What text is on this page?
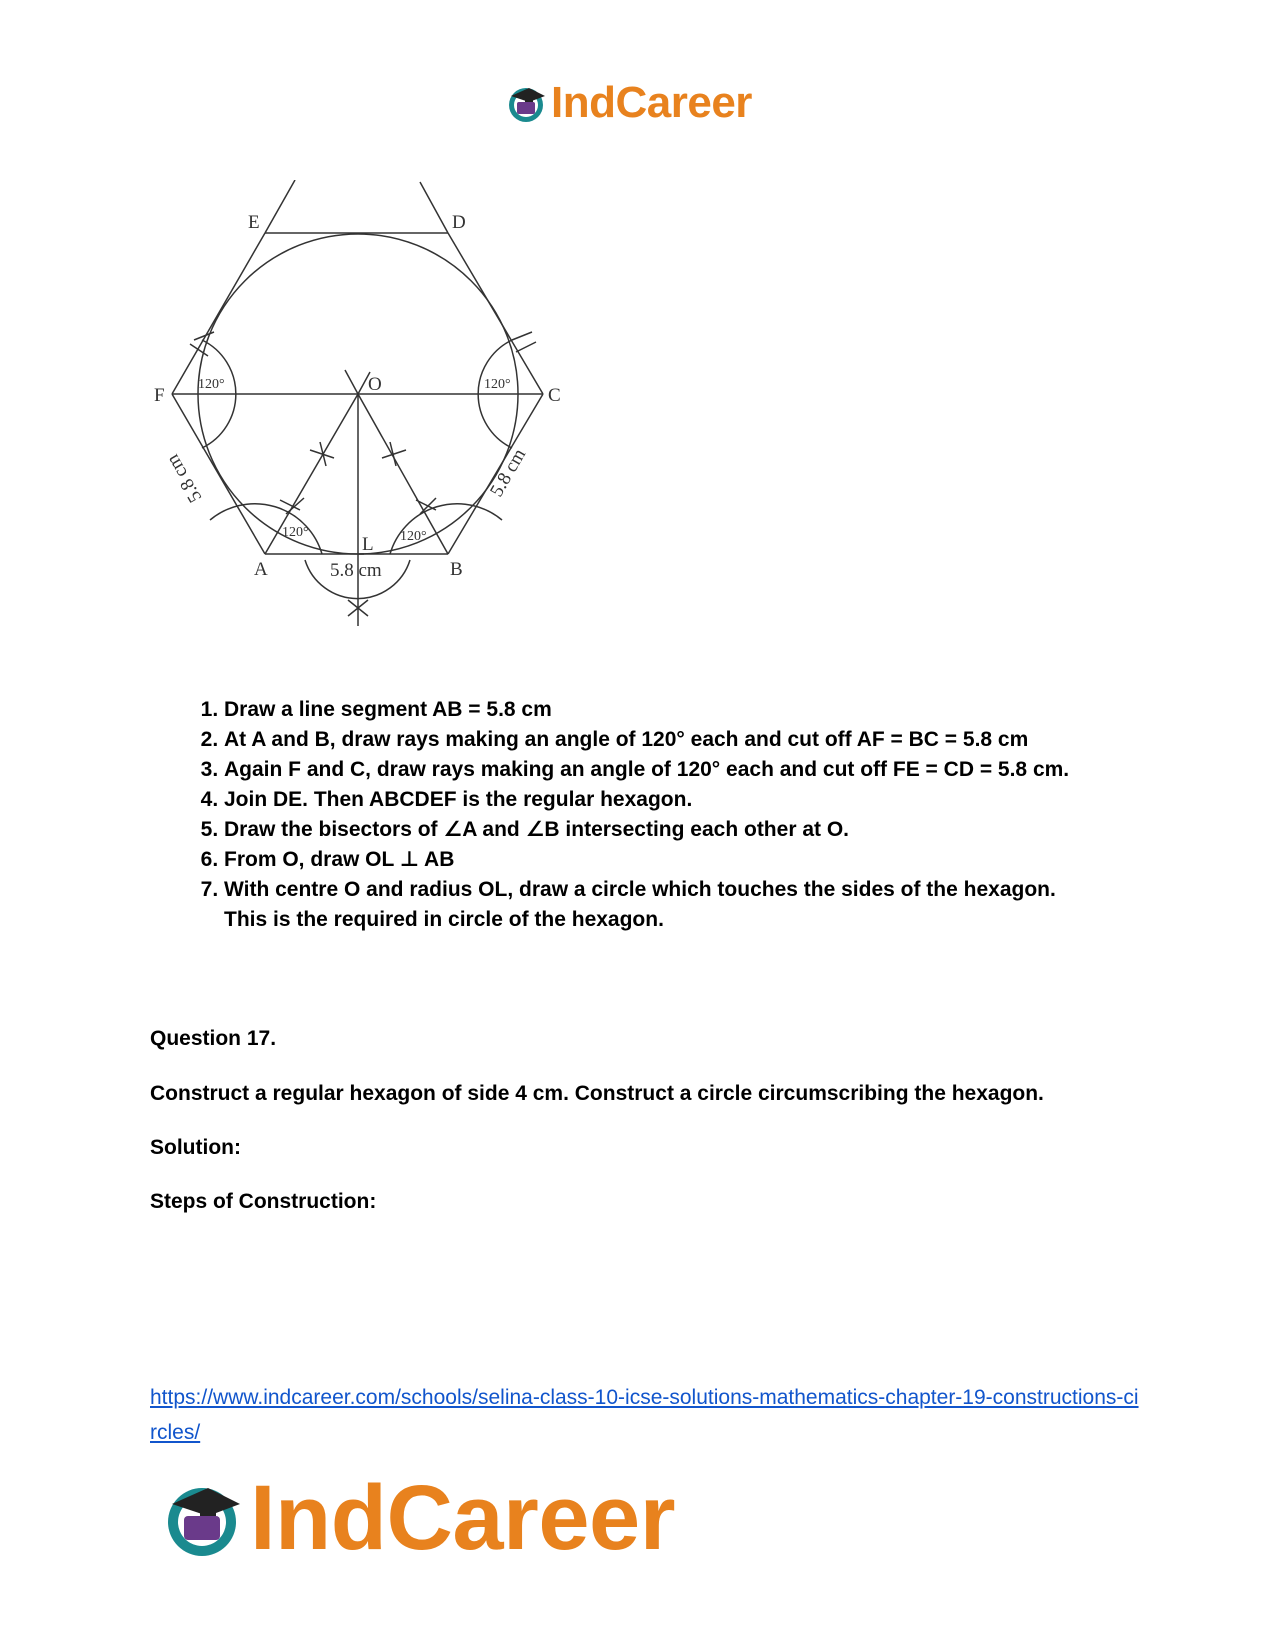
IndCareer
E	D
F	C
O
A	B
L
120°	120°
120°	120°
5.8 cm
5.8 cm	5.8 cm
1. Draw a line segment AB = 5.8 cm
2. At A and B, draw rays making an angle of 120° each and cut off AF = BC = 5.8 cm
3. Again F and C, draw rays making an angle of 120° each and cut off FE = CD = 5.8 cm.
4. Join DE. Then ABCDEF is the regular hexagon.
5. Draw the bisectors of ∠A and ∠B intersecting each other at O.
6. From O, draw OL ⊥ AB
7. With centre O and radius OL, draw a circle which touches the sides of the hexagon.
This is the required in circle of the hexagon.
Question 17.
Construct a regular hexagon of side 4 cm. Construct a circle circumscribing the hexagon.
Solution:
Steps of Construction:
https://www.indcareer.com/schools/selina-class-10-icse-solutions-mathematics-chapter-19-constructions-circles/
IndCareer
